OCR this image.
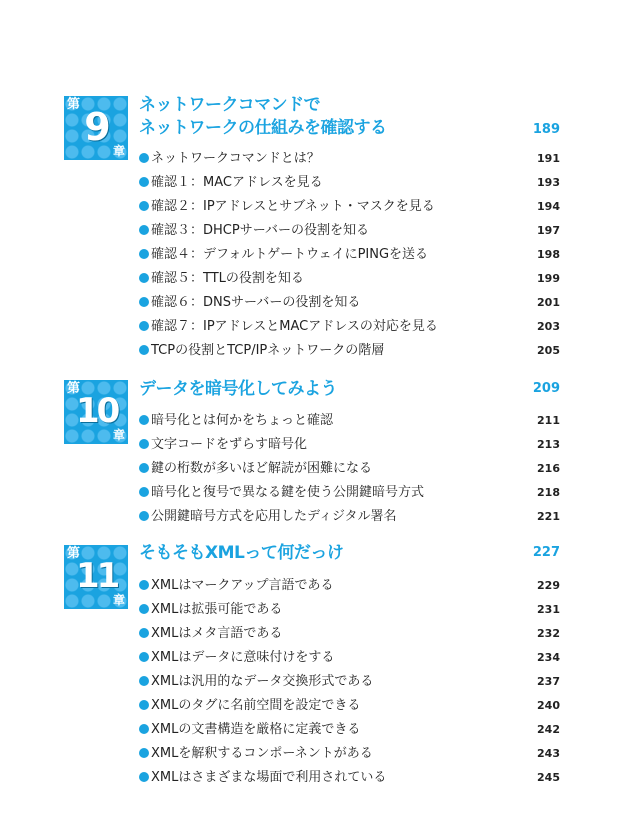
第
9
章
ネットワークコマンドで
ネットワークの仕組みを確認する	189
ネットワークコマンドとは？	191
確認１：MACアドレスを見る	193
確認２：IPアドレスとサブネット・マスクを見る	194
確認３：DHCPサーバーの役割を知る	197
確認４：デフォルトゲートウェイにPINGを送る	198
確認５：TTLの役割を知る	199
確認６：DNSサーバーの役割を知る	201
確認７：IPアドレスとMACアドレスの対応を見る	203
TCPの役割とTCP/IPネットワークの階層	205
第
10
章
データを暗号化してみよう	209
暗号化とは何かをちょっと確認	211
文字コードをずらす暗号化	213
鍵の桁数が多いほど解読が困難になる	216
暗号化と復号で異なる鍵を使う公開鍵暗号方式	218
公開鍵暗号方式を応用したディジタル署名	221
第
11
章
そもそもXMLって何だっけ	227
XMLはマークアップ言語である	229
XMLは拡張可能である	231
XMLはメタ言語である	232
XMLはデータに意味付けをする	234
XMLは汎用的なデータ交換形式である	237
XMLのタグに名前空間を設定できる	240
XMLの文書構造を厳格に定義できる	242
XMLを解釈するコンポーネントがある	243
XMLはさまざまな場面で利用されている	245
